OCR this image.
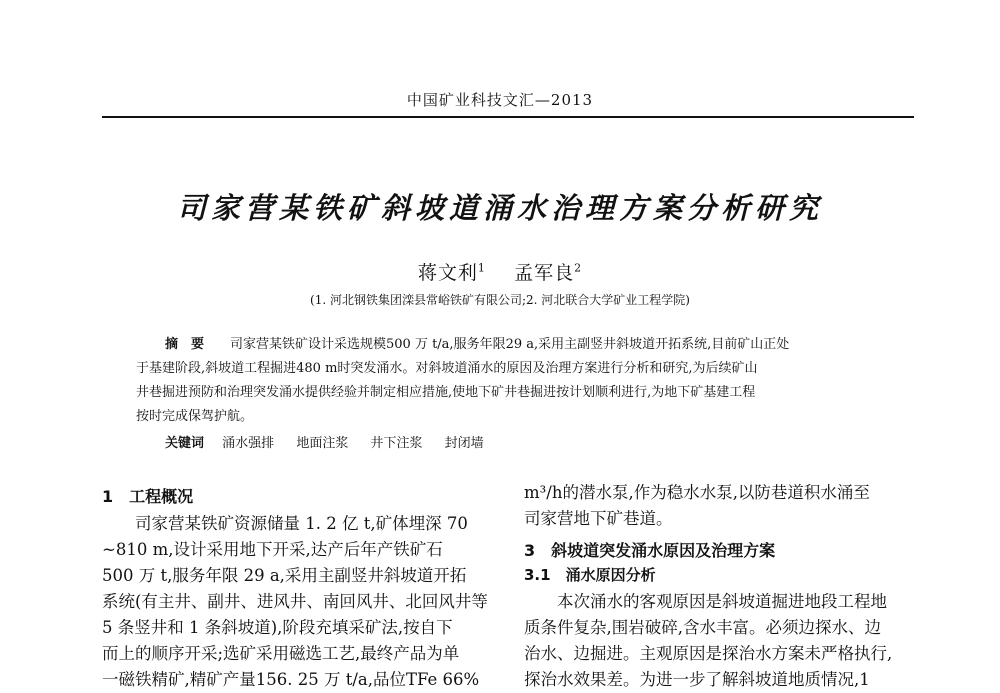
中国矿业科技文汇—2013
司家营某铁矿斜坡道涌水治理方案分析研究
蒋文利$^1$ 孟军良$^2$
(1. 河北钢铁集团滦县常峪铁矿有限公司;2. 河北联合大学矿业工程学院)
摘　要 司家营某铁矿设计采选规模500 万 t/a,服务年限29 a,采用主副竖井斜坡道开拓系统,目前矿山正处
于基建阶段,斜坡道工程掘进480 m时突发涌水。对斜坡道涌水的原因及治理方案进行分析和研究,为后续矿山
井巷掘进预防和治理突发涌水提供经验并制定相应措施,使地下矿井巷掘进按计划顺利进行,为地下矿基建工程
按时完成保驾护航。
关键词 涌水强排 地面注浆 井下注浆 封闭墙
1　工程概况
　　司家营某铁矿资源储量 1. 2 亿 t,矿体埋深 70
~810 m,设计采用地下开采,达产后年产铁矿石
500 万 t,服务年限 29 a,采用主副竖井斜坡道开拓
系统(有主井、副井、进风井、南回风井、北回风井等
5 条竖井和 1 条斜坡道),阶段充填采矿法,按自下
而上的顺序开采;选矿采用磁选工艺,最终产品为单
一磁铁精矿,精矿产量156. 25 万 t/a,品位TFe 66%
m³/h的潜水泵,作为稳水水泵,以防巷道积水涌至
司家营地下矿巷道。
3　斜坡道突发涌水原因及治理方案
3.1　涌水原因分析
　　本次涌水的客观原因是斜坡道掘进地段工程地
质条件复杂,围岩破碎,含水丰富。必须边探水、边
治水、边掘进。主观原因是探治水方案未严格执行,
探治水效果差。为进一步了解斜坡道地质情况,1
